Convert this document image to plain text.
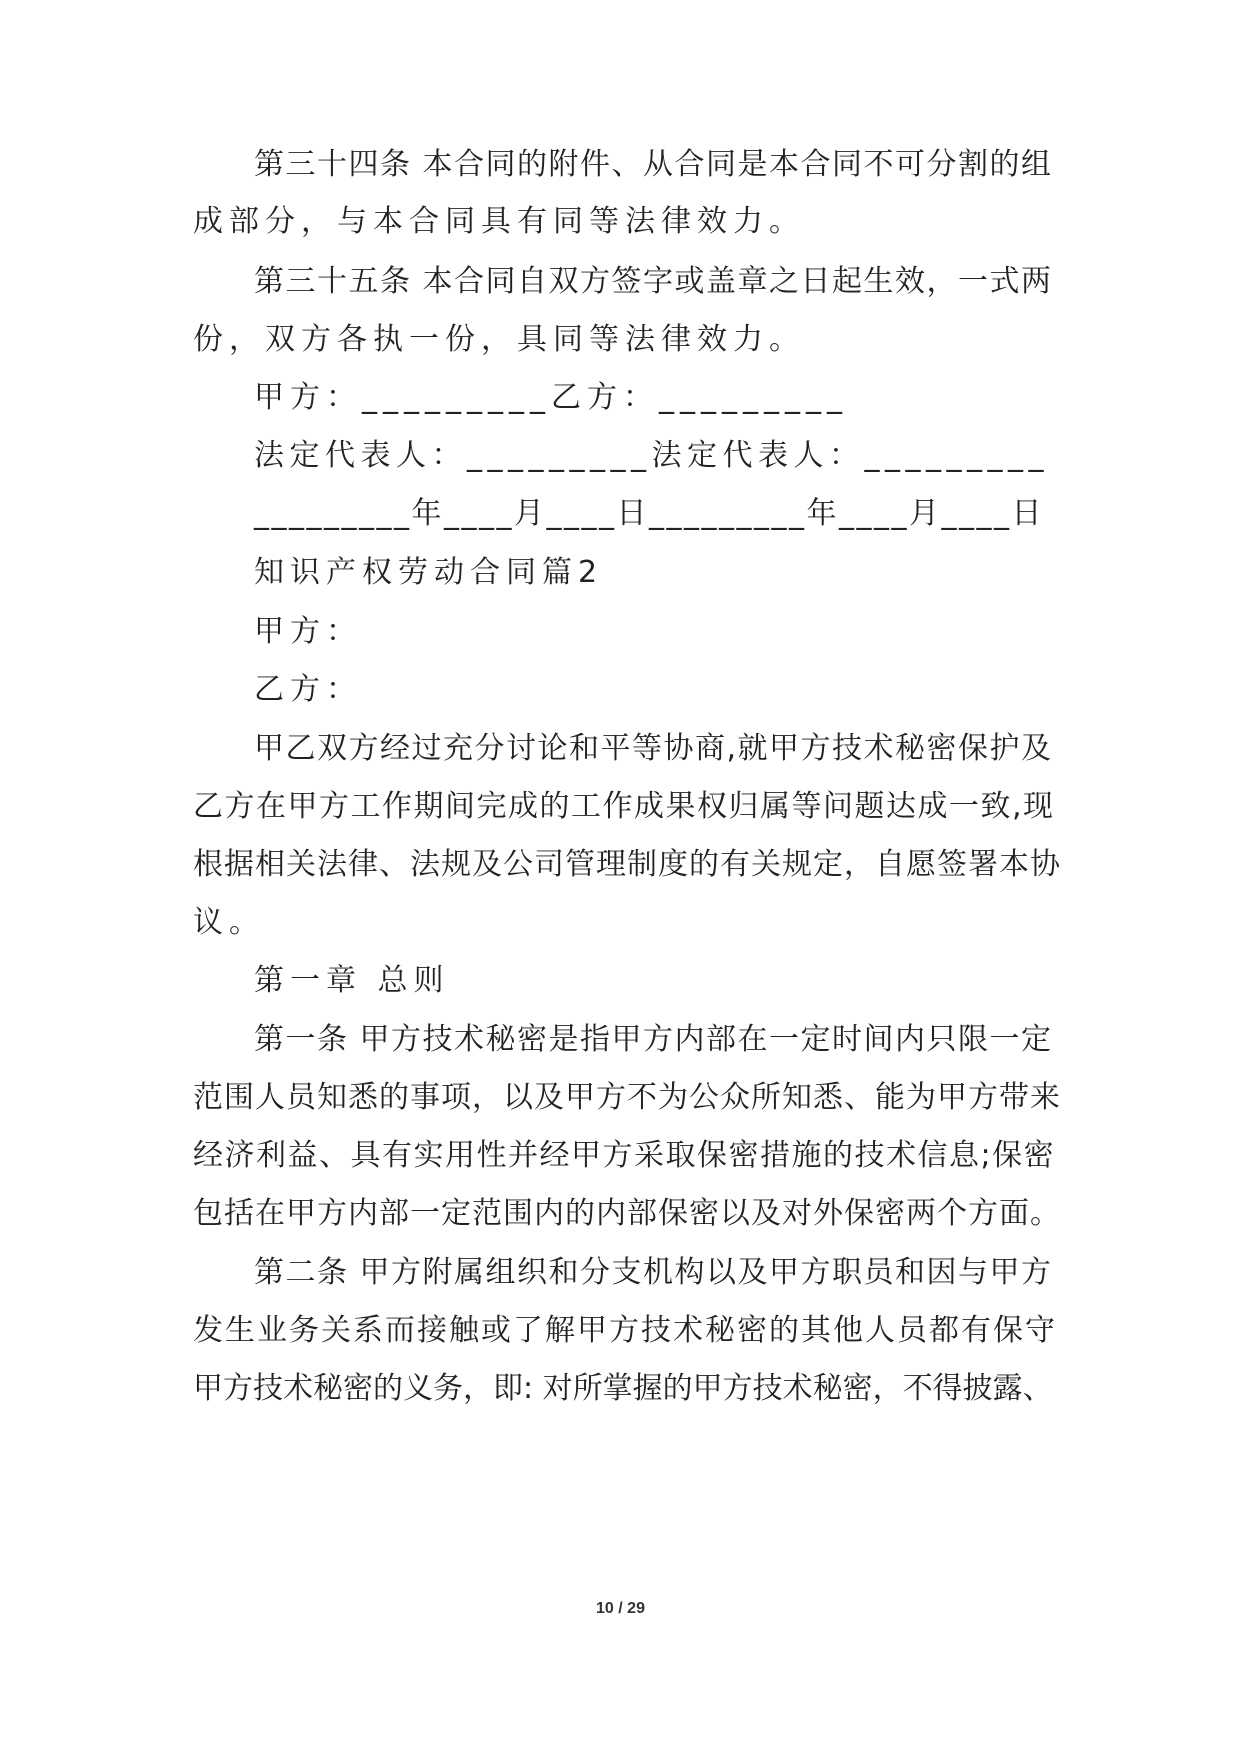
第三十四条 本合同的附件、从合同是本合同不可分割的组
成部分，与本合同具有同等法律效力。
第三十五条 本合同自双方签字或盖章之日起生效，一式两
份，双方各执一份，具同等法律效力。
甲方：_________乙方：_________
法定代表人：_________法定代表人：_________
_________年____月____日_________年____月____日
知识产权劳动合同篇2
甲方：
乙方：
甲乙双方经过充分讨论和平等协商,就甲方技术秘密保护及
乙方在甲方工作期间完成的工作成果权归属等问题达成一致,现
根据相关法律、法规及公司管理制度的有关规定，自愿签署本协
议。
第一章 总则
第一条 甲方技术秘密是指甲方内部在一定时间内只限一定
范围人员知悉的事项，以及甲方不为公众所知悉、能为甲方带来
经济利益、具有实用性并经甲方采取保密措施的技术信息;保密
包括在甲方内部一定范围内的内部保密以及对外保密两个方面。
第二条 甲方附属组织和分支机构以及甲方职员和因与甲方
发生业务关系而接触或了解甲方技术秘密的其他人员都有保守
甲方技术秘密的义务，即: 对所掌握的甲方技术秘密，不得披露、
10 / 29
